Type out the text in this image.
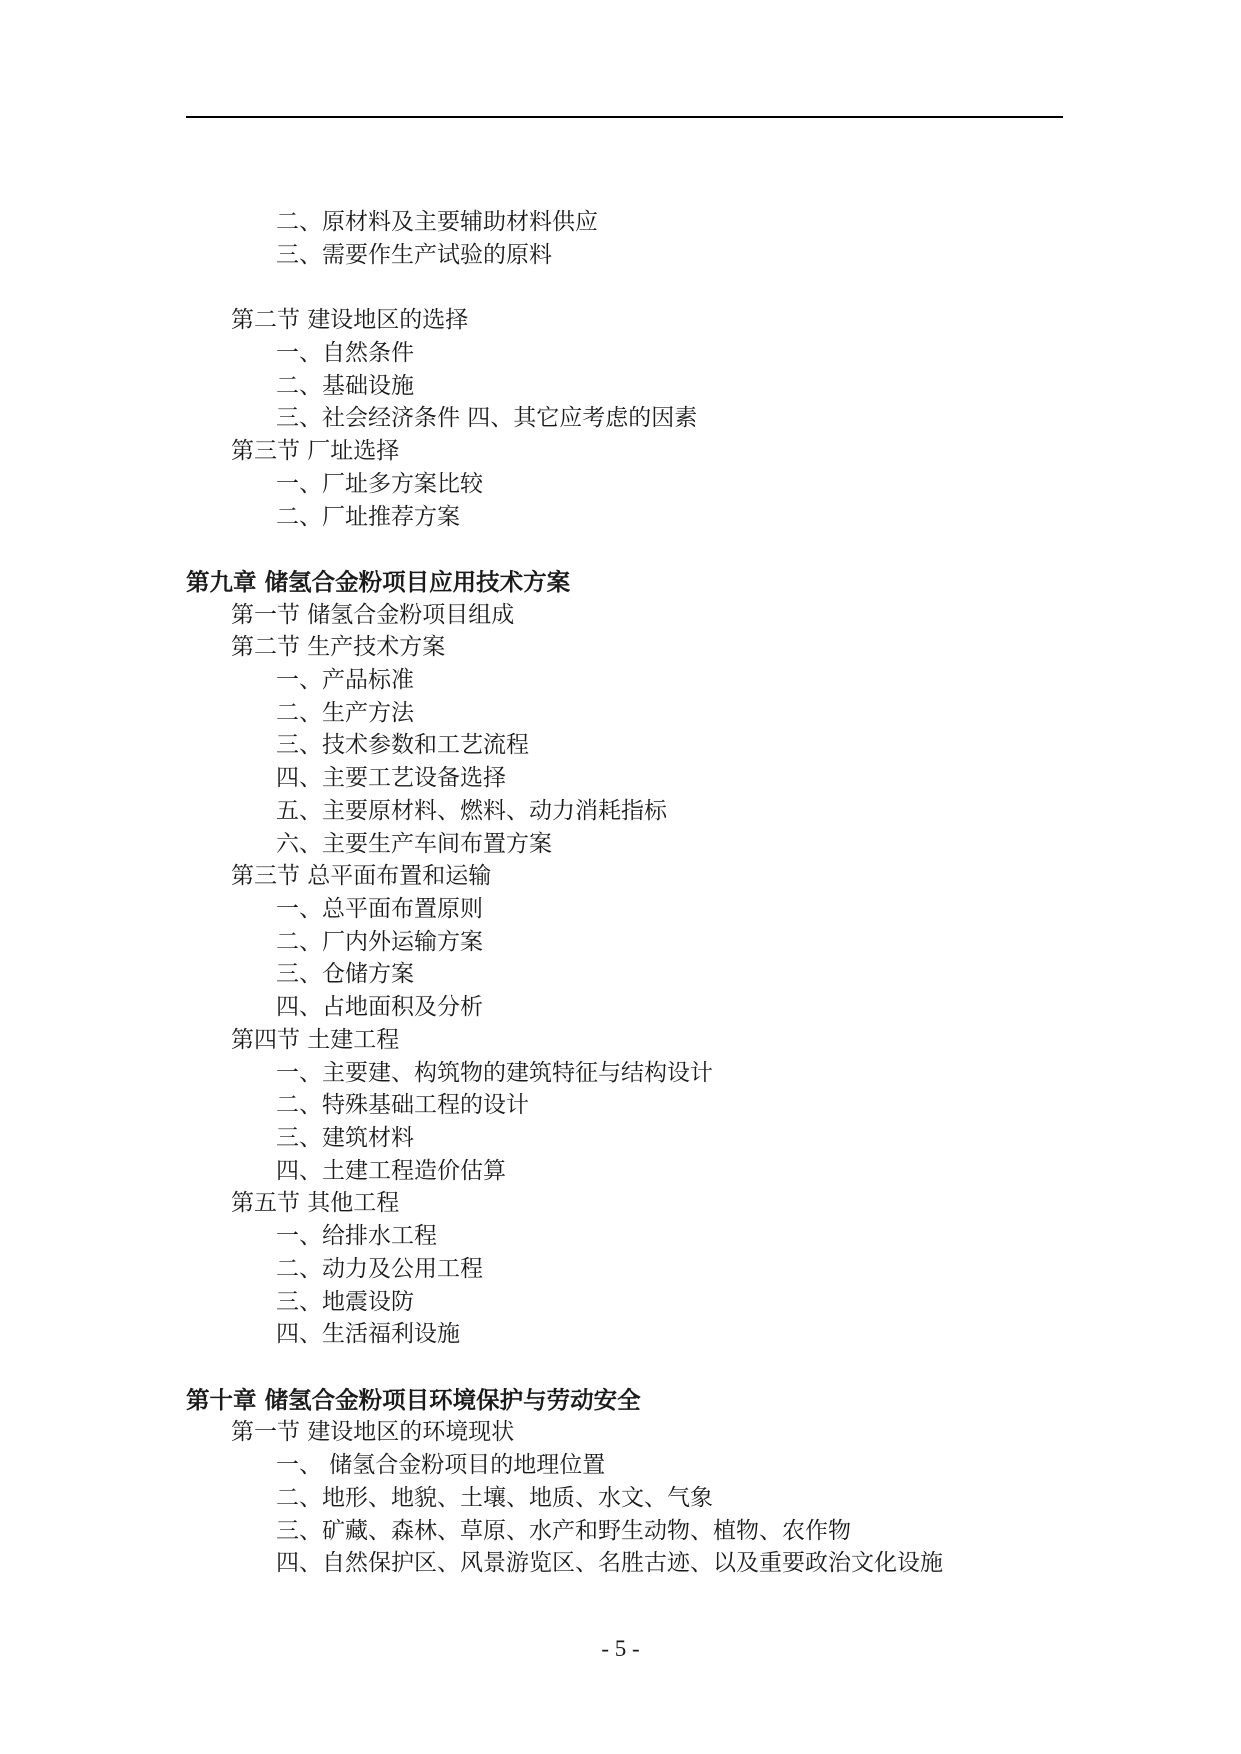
二、原材料及主要辅助材料供应
三、需要作生产试验的原料
第二节 建设地区的选择
一、自然条件
二、基础设施
三、社会经济条件 四、其它应考虑的因素
第三节 厂址选择
一、厂址多方案比较
二、厂址推荐方案
第九章 储氢合金粉项目应用技术方案
第一节 储氢合金粉项目组成
第二节 生产技术方案
一、产品标准
二、生产方法
三、技术参数和工艺流程
四、主要工艺设备选择
五、主要原材料、燃料、动力消耗指标
六、主要生产车间布置方案
第三节 总平面布置和运输
一、总平面布置原则
二、厂内外运输方案
三、仓储方案
四、占地面积及分析
第四节 土建工程
一、主要建、构筑物的建筑特征与结构设计
二、特殊基础工程的设计
三、建筑材料
四、土建工程造价估算
第五节 其他工程
一、给排水工程
二、动力及公用工程
三、地震设防
四、生活福利设施
第十章 储氢合金粉项目环境保护与劳动安全
第一节 建设地区的环境现状
一、 储氢合金粉项目的地理位置
二、地形、地貌、土壤、地质、水文、气象
三、矿藏、森林、草原、水产和野生动物、植物、农作物
四、自然保护区、风景游览区、名胜古迹、以及重要政治文化设施
- 5 -
